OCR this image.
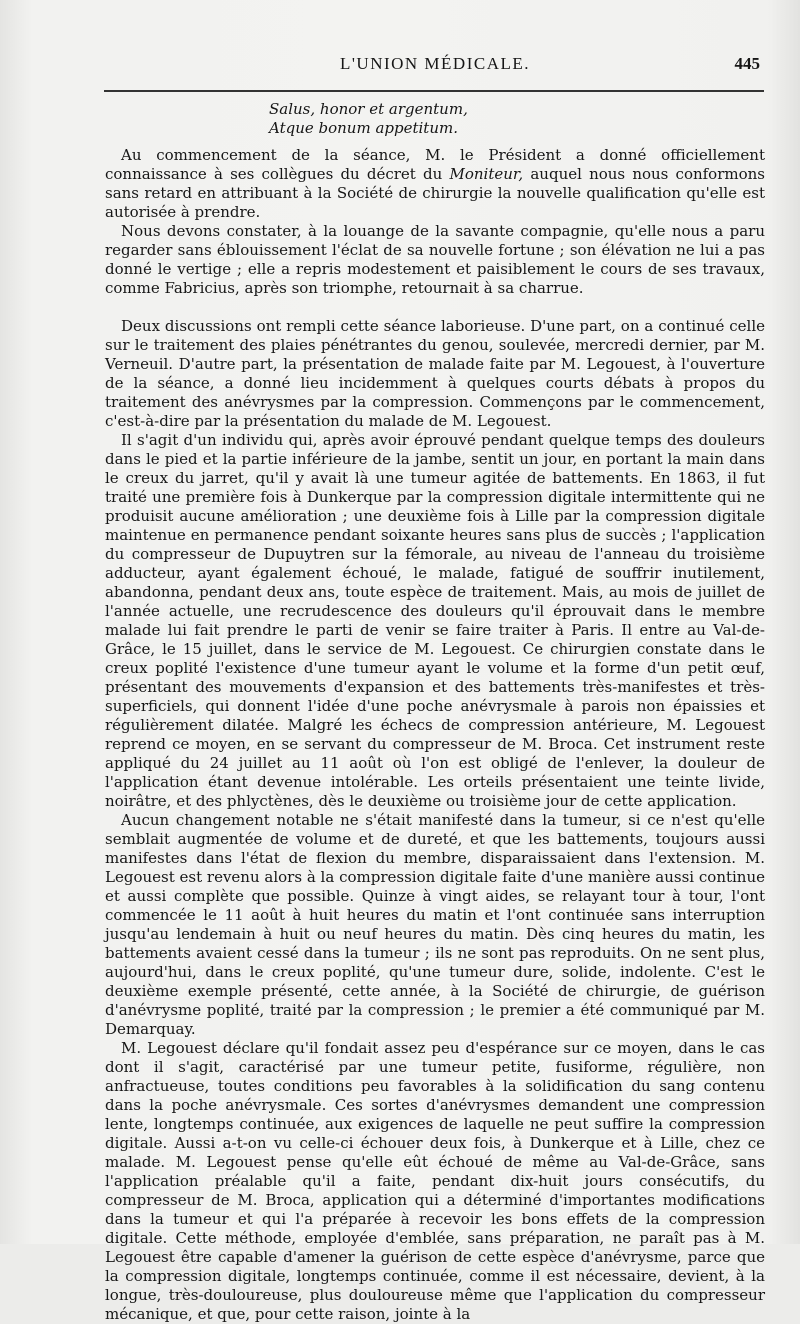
L'UNION MÉDICALE.	445
Salus, honor et argentum,
Atque bonum appetitum.

Au commencement de la séance, M. le Président a donné officiellement connaissance à ses collègues du décret du Moniteur, auquel nous nous conformons sans retard en attribuant à la Société de chirurgie la nouvelle qualification qu'elle est autorisée à prendre.

Nous devons constater, à la louange de la savante compagnie, qu'elle nous a paru regarder sans éblouissement l'éclat de sa nouvelle fortune ; son élévation ne lui a pas donné le vertige ; elle a repris modestement et paisiblement le cours de ses travaux, comme Fabricius, après son triomphe, retournait à sa charrue.

Deux discussions ont rempli cette séance laborieuse. D'une part, on a continué celle sur le traitement des plaies pénétrantes du genou, soulevée, mercredi dernier, par M. Verneuil. D'autre part, la présentation de malade faite par M. Legouest, à l'ouverture de la séance, a donné lieu incidemment à quelques courts débats à propos du traitement des anévrysmes par la compression. Commençons par le commencement, c'est-à-dire par la présentation du malade de M. Legouest.

Il s'agit d'un individu qui, après avoir éprouvé pendant quelque temps des douleurs dans le pied et la partie inférieure de la jambe, sentit un jour, en portant la main dans le creux du jarret, qu'il y avait là une tumeur agitée de battements. En 1863, il fut traité une première fois à Dunkerque par la compression digitale intermittente qui ne produisit aucune amélioration ; une deuxième fois à Lille par la compression digitale maintenue en permanence pendant soixante heures sans plus de succès ; l'application du compresseur de Dupuytren sur la fémorale, au niveau de l'anneau du troisième adducteur, ayant également échoué, le malade, fatigué de souffrir inutilement, abandonna, pendant deux ans, toute espèce de traitement. Mais, au mois de juillet de l'année actuelle, une recrudescence des douleurs qu'il éprouvait dans le membre malade lui fait prendre le parti de venir se faire traiter à Paris. Il entre au Val-de-Grâce, le 15 juillet, dans le service de M. Legouest. Ce chirurgien constate dans le creux poplité l'existence d'une tumeur ayant le volume et la forme d'un petit œuf, présentant des mouvements d'expansion et des battements très-manifestes et très-superficiels, qui donnent l'idée d'une poche anévrysmale à parois non épaissies et régulièrement dilatée. Malgré les échecs de compression antérieure, M. Legouest reprend ce moyen, en se servant du compresseur de M. Broca. Cet instrument reste appliqué du 24 juillet au 11 août où l'on est obligé de l'enlever, la douleur de l'application étant devenue intolérable. Les orteils présentaient une teinte livide, noirâtre, et des phlyctènes, dès le deuxième ou troisième jour de cette application.

Aucun changement notable ne s'était manifesté dans la tumeur, si ce n'est qu'elle semblait augmentée de volume et de dureté, et que les battements, toujours aussi manifestes dans l'état de flexion du membre, disparaissaient dans l'extension. M. Legouest est revenu alors à la compression digitale faite d'une manière aussi continue et aussi complète que possible. Quinze à vingt aides, se relayant tour à tour, l'ont commencée le 11 août à huit heures du matin et l'ont continuée sans interruption jusqu'au lendemain à huit ou neuf heures du matin. Dès cinq heures du matin, les battements avaient cessé dans la tumeur ; ils ne sont pas reproduits. On ne sent plus, aujourd'hui, dans le creux poplité, qu'une tumeur dure, solide, indolente. C'est le deuxième exemple présenté, cette année, à la Société de chirurgie, de guérison d'anévrysme poplité, traité par la compression ; le premier a été communiqué par M. Demarquay.

M. Legouest déclare qu'il fondait assez peu d'espérance sur ce moyen, dans le cas dont il s'agit, caractérisé par une tumeur petite, fusiforme, régulière, non anfractueuse, toutes conditions peu favorables à la solidification du sang contenu dans la poche anévrysmale. Ces sortes d'anévrysmes demandent une compression lente, longtemps continuée, aux exigences de laquelle ne peut suffire la compression digitale. Aussi a-t-on vu celle-ci échouer deux fois, à Dunkerque et à Lille, chez ce malade. M. Legouest pense qu'elle eût échoué de même au Val-de-Grâce, sans l'application préalable qu'il a faite, pendant dix-huit jours consécutifs, du compresseur de M. Broca, application qui a déterminé d'importantes modifications dans la tumeur et qui l'a préparée à recevoir les bons effets de la compression digitale. Cette méthode, employée d'emblée, sans préparation, ne paraît pas à M. Legouest être capable d'amener la guérison de cette espèce d'anévrysme, parce que la compression digitale, longtemps continuée, comme il est nécessaire, devient, à la longue, très-douloureuse, plus douloureuse même que l'application du compresseur mécanique, et que, pour cette raison, jointe à la
